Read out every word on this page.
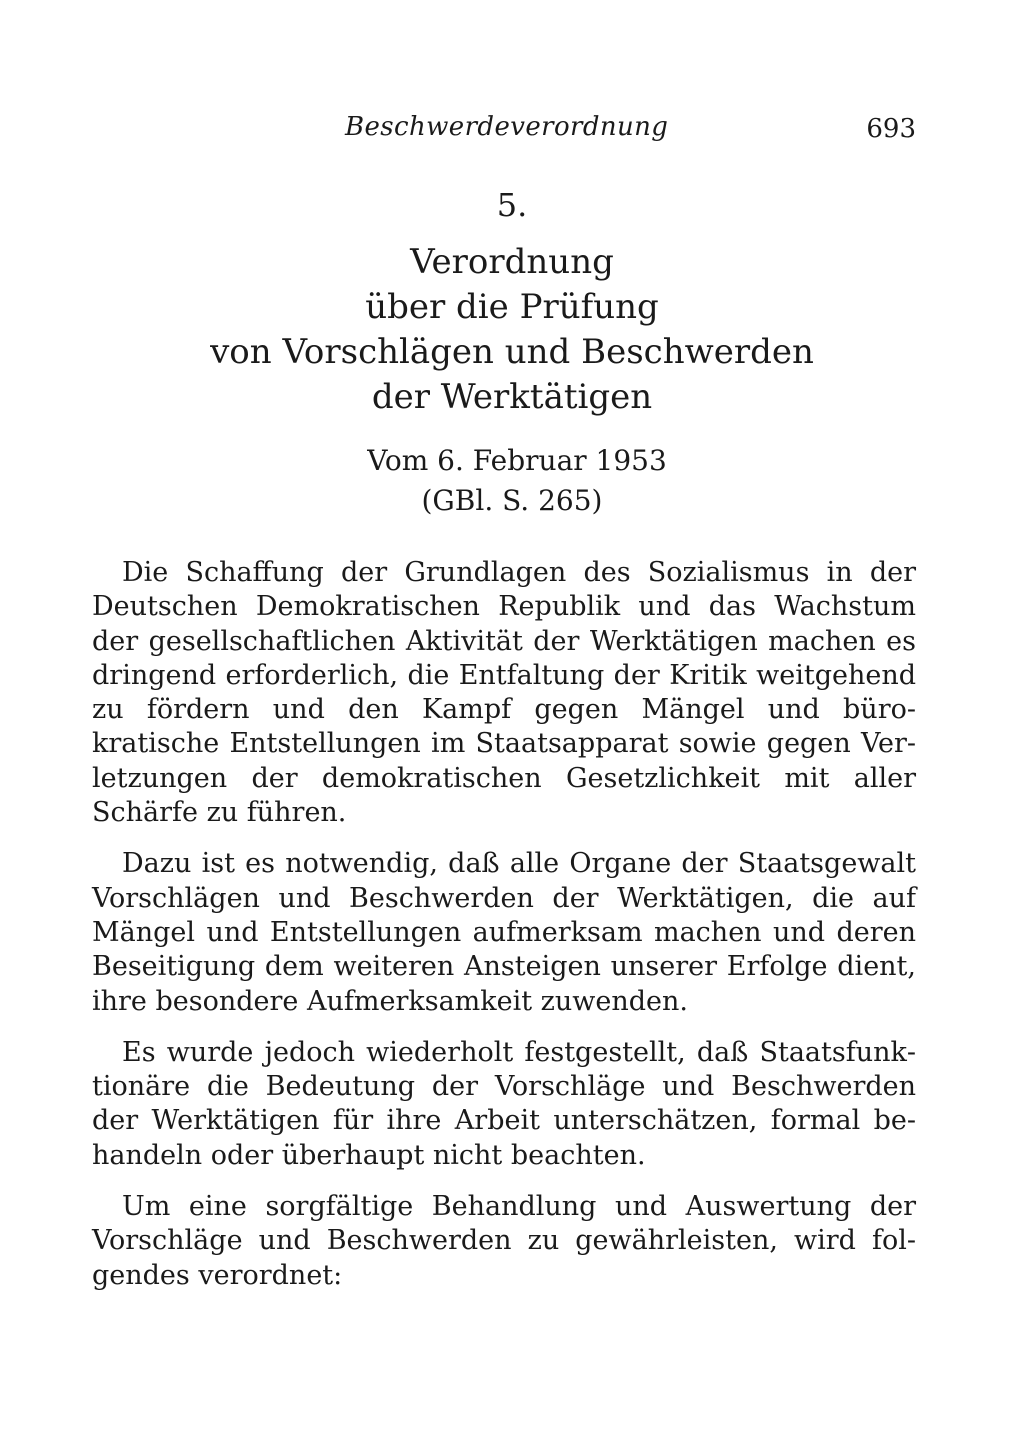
Beschwerdeverordnung	693
5.
Verordnung
über die Prüfung
von Vorschlägen und Beschwerden
der Werktätigen
Vom 6. Februar 1953
(GBl. S. 265)

Die Schaffung der Grundlagen des Sozialismus in der Deutschen Demokratischen Republik und das Wachstum der gesellschaftlichen Aktivität der Werktätigen machen es dringend erforderlich, die Entfaltung der Kritik weitgehend zu fördern und den Kampf gegen Mängel und bürokratische Entstellungen im Staatsapparat sowie gegen Verletzungen der demokratischen Gesetzlichkeit mit aller Schärfe zu führen.

Dazu ist es notwendig, daß alle Organe der Staatsgewalt Vorschlägen und Beschwerden der Werktätigen, die auf Mängel und Entstellungen aufmerksam machen und deren Beseitigung dem weiteren Ansteigen unserer Erfolge dient, ihre besondere Aufmerksamkeit zuwenden.

Es wurde jedoch wiederholt festgestellt, daß Staatsfunktionäre die Bedeutung der Vorschläge und Beschwerden der Werktätigen für ihre Arbeit unterschätzen, formal behandeln oder überhaupt nicht beachten.

Um eine sorgfältige Behandlung und Auswertung der Vorschläge und Beschwerden zu gewährleisten, wird folgendes verordnet:
